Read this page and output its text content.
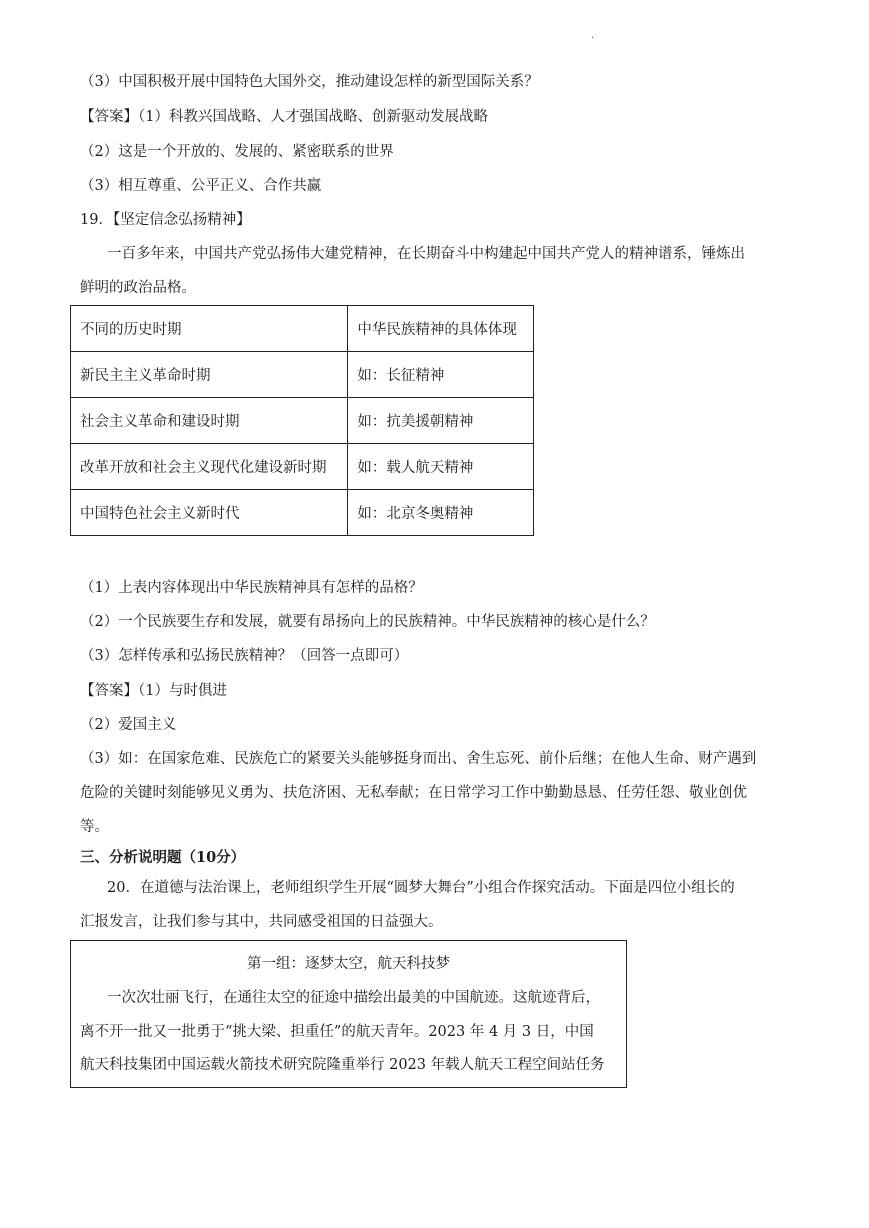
.
（3）中国积极开展中国特色大国外交，推动建设怎样的新型国际关系？
【答案】（1）科教兴国战略、人才强国战略、创新驱动发展战略
（2）这是一个开放的、发展的、紧密联系的世界
（3）相互尊重、公平正义、合作共赢
19．【坚定信念弘扬精神】
一百多年来，中国共产党弘扬伟大建党精神，在长期奋斗中构建起中国共产党人的精神谱系，锤炼出
鲜明的政治品格。
不同的历史时期	中华民族精神的具体体现
新民主主义革命时期	如：长征精神
社会主义革命和建设时期	如：抗美援朝精神
改革开放和社会主义现代化建设新时期	如：载人航天精神
中国特色社会主义新时代	如：北京冬奥精神
（1）上表内容体现出中华民族精神具有怎样的品格？
（2）一个民族要生存和发展，就要有昂扬向上的民族精神。中华民族精神的核心是什么？
（3）怎样传承和弘扬民族精神？（回答一点即可）
【答案】（1）与时俱进
（2）爱国主义
（3）如：在国家危难、民族危亡的紧要关头能够挺身而出、舍生忘死、前仆后继；在他人生命、财产遇到
危险的关键时刻能够见义勇为、扶危济困、无私奉献；在日常学习工作中勤勤恳恳、任劳任怨、敬业创优
等。
三、分析说明题（10分）
20．在道德与法治课上，老师组织学生开展“圆梦大舞台”小组合作探究活动。下面是四位小组长的
汇报发言，让我们参与其中，共同感受祖国的日益强大。
第一组：逐梦太空，航天科技梦
一次次壮丽飞行，在通往太空的征途中描绘出最美的中国航迹。这航迹背后，
离不开一批又一批勇于“挑大梁、担重任”的航天青年。2023 年 4 月 3 日，中国
航天科技集团中国运载火箭技术研究院隆重举行 2023 年载人航天工程空间站任务
